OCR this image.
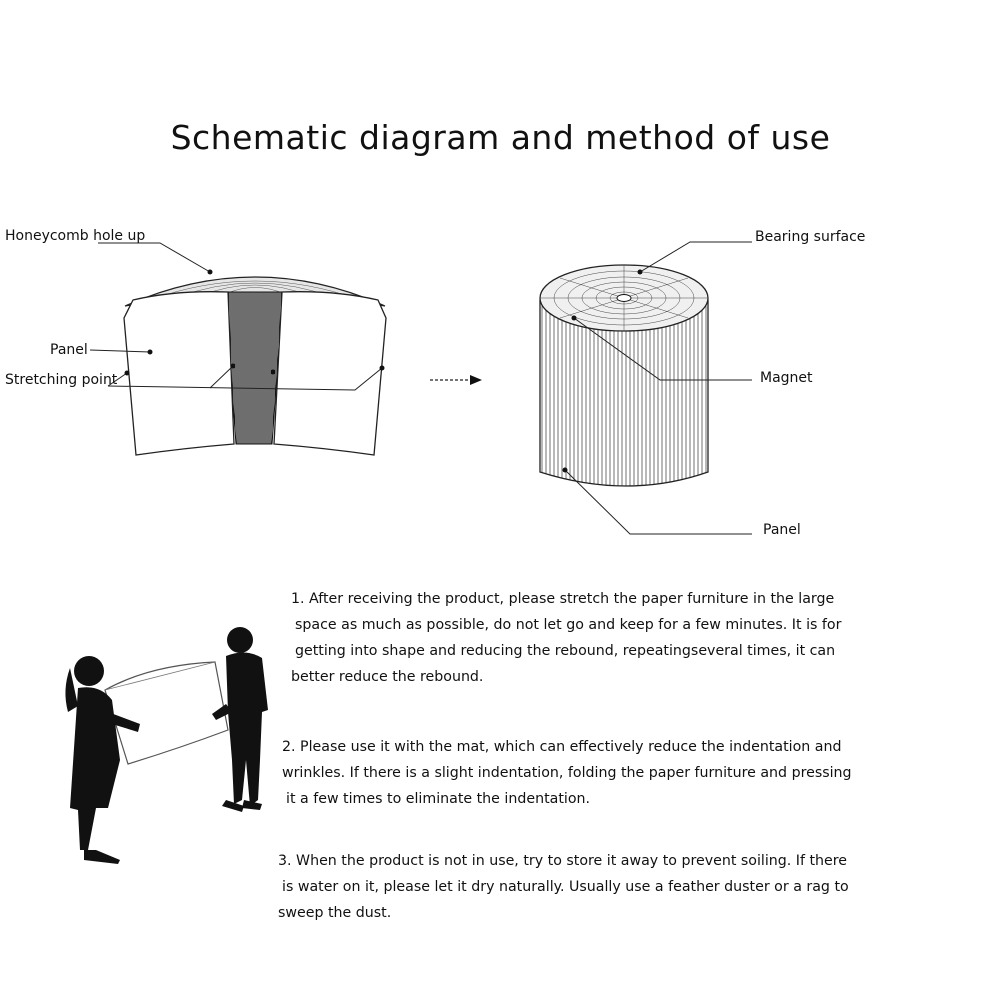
Schematic diagram and method of use
Honeycomb hole up
Panel
Stretching point
Bearing surface
Magnet
Panel
1. After receiving the product, please stretch the paper furniture in the large
space as much as possible, do not let go and keep for a few minutes. It is for
getting into shape and reducing the rebound, repeatingseveral times, it can
better reduce the rebound.
2. Please use it with the mat, which can effectively reduce the indentation and
wrinkles. If there is a slight indentation, folding the paper furniture and pressing
it a few times to eliminate the indentation.
3. When the product is not in use, try to store it away to prevent soiling. If there
is water on it, please let it dry naturally. Usually use a feather duster or a rag to
sweep the dust.
